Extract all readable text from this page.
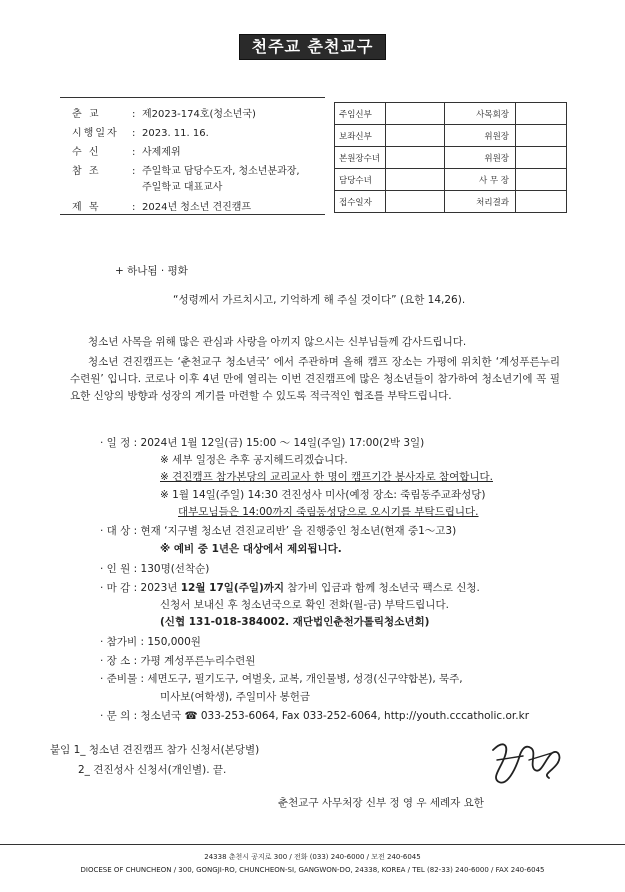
천주교 춘천교구
춘 교	: 제2023-174호(청소년국)
시행일자 : 2023. 11. 16.
수 신	: 사제제위
참 조	: 주일학교 담당수도자, 청소년분과장,
주일학교 대표교사
제 목	: 2024년 청소년 견진캠프
주임신부		사목회장	
보좌신부		위원장	
본원장수녀		위원장	
담당수녀		사 무 장	
접수일자		처리결과	
+ 하나됨 · 평화
“성령께서 가르치시고, 기억하게 해 주실 것이다” (요한 14,26).
청소년 사목을 위해 많은 관심과 사랑을 아끼지 않으시는 신부님들께 감사드립니다.
청소년 견진캠프는 ‘춘천교구 청소년국’ 에서 주관하며 올해 캠프 장소는 가평에 위치한 ‘계성푸른누리수련원’ 입니다. 코로나 이후 4년 만에 열리는 이번 견진캠프에 많은 청소년들이 참가하여 청소년기에 꼭 필요한 신앙의 방향과 성장의 계기를 마련할 수 있도록 적극적인 협조를 부탁드립니다.
· 일 정 : 2024년 1월 12일(금) 15:00 ～ 14일(주일) 17:00(2박 3일)
※ 세부 일정은 추후 공지해드리겠습니다.
※ 견진캠프 참가본당의 교리교사 한 명이 캠프기간 봉사자로 참여합니다.
※ 1월 14일(주일) 14:30 견진성사 미사(예정 장소: 죽림동주교좌성당)
대부모님들은 14:00까지 죽림동성당으로 오시기를 부탁드립니다.
· 대 상 : 현재 ‘지구별 청소년 견진교리반’ 을 진행중인 청소년(현재 중1～고3)
※ 예비 중 1년은 대상에서 제외됩니다.
· 인 원 : 130명(선착순)
· 마 감 : 2023년 12월 17일(주일)까지 참가비 입금과 함께 청소년국 팩스로 신청.
신청서 보내신 후 청소년국으로 확인 전화(월-금) 부탁드립니다.
(신협 131-018-384002. 재단법인춘천가톨릭청소년회)
· 참가비 : 150,000원
· 장 소 : 가평 계성푸른누리수련원
· 준비물 : 세면도구, 필기도구, 여벌옷, 교복, 개인물병, 성경(신구약합본), 묵주,
미사보(여학생), 주일미사 봉헌금
· 문 의 : 청소년국 ☎ 033-253-6064, Fax 033-252-6064, http://youth.cccatholic.or.kr
붙임 1_ 청소년 견진캠프 참가 신청서(본당별)
2_ 견진성사 신청서(개인별). 끝.
춘천교구 사무처장 신부 정 영 우 세례자 요한
24338 춘천시 공지로 300 / 전화 (033) 240-6000 / 모전 240-6045
DIOCESE OF CHUNCHEON / 300, GONGJI-RO, CHUNCHEON-SI, GANGWON-DO, 24338, KOREA / TEL (82-33) 240-6000 / FAX 240-6045
